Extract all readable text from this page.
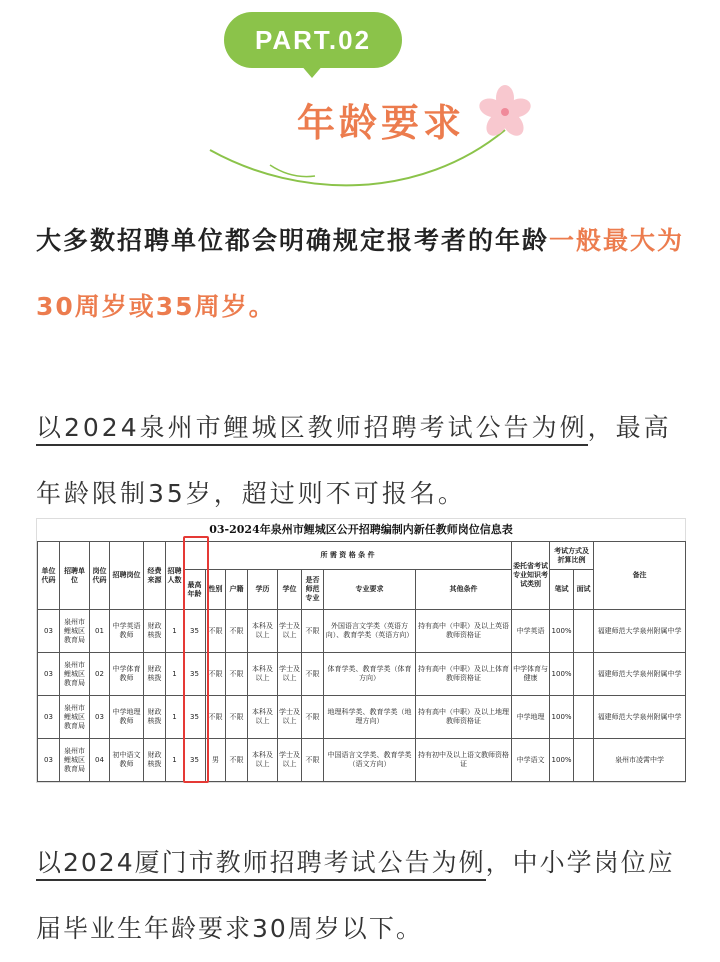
PART.02
年龄要求
大多数招聘单位都会明确规定报考者的年龄一般最大为30周岁或35周岁。
以2024泉州市鲤城区教师招聘考试公告为例，最高年龄限制35岁，超过则不可报名。
03-2024年泉州市鲤城区公开招聘编制内新任教师岗位信息表
单位代码	招聘单位	岗位代码	招聘岗位	经费来源	招聘人数	所 需 资 格 条 件								委托省考试专业知识考试类别	考试方式及折算比例		备注
						最高年龄	性别	户籍	学历	学位	是否师范专业	专业要求	其他条件		笔试	面试	
03	泉州市鲤城区教育局	01	中学英语教师	财政核拨	1	35	不限	不限	本科及以上	学士及以上	不限	外国语言文学类（英语方向）、教育学类（英语方向）	持有高中（中职）及以上英语教师资格证	中学英语	100%		福建师范大学泉州附属中学
03	泉州市鲤城区教育局	02	中学体育教师	财政核拨	1	35	不限	不限	本科及以上	学士及以上	不限	体育学类、教育学类（体育方向）	持有高中（中职）及以上体育教师资格证	中学体育与健康	100%		福建师范大学泉州附属中学
03	泉州市鲤城区教育局	03	中学地理教师	财政核拨	1	35	不限	不限	本科及以上	学士及以上	不限	地理科学类、教育学类（地理方向）	持有高中（中职）及以上地理教师资格证	中学地理	100%		福建师范大学泉州附属中学
03	泉州市鲤城区教育局	04	初中语文教师	财政核拨	1	35	男	不限	本科及以上	学士及以上	不限	中国语言文学类、教育学类（语文方向）	持有初中及以上语文教师资格证	中学语文	100%		泉州市凌霄中学
以2024厦门市教师招聘考试公告为例，中小学岗位应届毕业生年龄要求30周岁以下。
